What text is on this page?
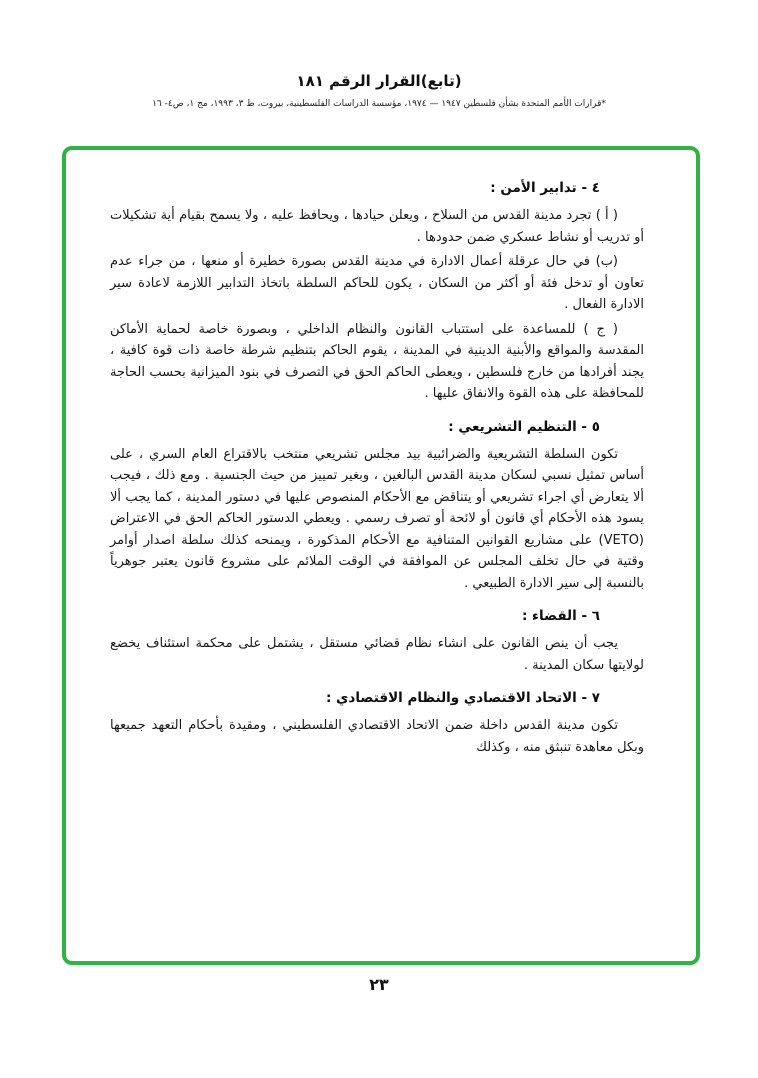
(تابع)القرار الرقم ١٨١

*قرارات الأمم المتحدة بشأن فلسطين ١٩٤٧ — ١٩٧٤، مؤسسة الدراسات الفلسطينية، بيروت، ط ٣، ١٩٩٣، مج ١، ص٤- ١٦

٤ - تدابير الأمن :

( أ ) تجرد مدينة القدس من السلاح ، ويعلن حيادها ، ويحافظ عليه ، ولا يسمح بقيام أية تشكيلات أو تدريب أو نشاط عسكري ضمن حدودها .

(ب) في حال عرقلة أعمال الادارة في مدينة القدس بصورة خطيرة أو منعها ، من جراء عدم تعاون أو تدخل فئة أو أكثر من السكان ، يكون للحاكم السلطة باتخاذ التدابير اللازمة لاعادة سير الادارة الفعال .

( ج ) للمساعدة على استتباب القانون والنظام الداخلي ، وبصورة خاصة لحماية الأماكن المقدسة والمواقع والأبنية الدينية في المدينة ، يقوم الحاكم بتنظيم شرطة خاصة ذات قوة كافية ، يجند أفرادها من خارج فلسطين ، ويعطى الحاكم الحق في التصرف في بنود الميزانية بحسب الحاجة للمحافظة على هذه القوة والانفاق عليها .

٥ - التنظيم التشريعي :

تكون السلطة التشريعية والضرائبية بيد مجلس تشريعي منتخب بالاقتراع العام السري ، على أساس تمثيل نسبي لسكان مدينة القدس البالغين ، وبغير تمييز من حيث الجنسية . ومع ذلك ، فيجب ألا يتعارض أي اجراء تشريعي أو يتناقض مع الأحكام المنصوص عليها في دستور المدينة ، كما يجب ألا يسود هذه الأحكام أي قانون أو لائحة أو تصرف رسمي . ويعطي الدستور الحاكم الحق في الاعتراض (VETO) على مشاريع القوانين المتنافية مع الأحكام المذكورة ، ويمنحه كذلك سلطة اصدار أوامر وقتية في حال تخلف المجلس عن الموافقة في الوقت الملائم على مشروع قانون يعتبر جوهرياً بالنسبة إلى سير الادارة الطبيعي .

٦ - القضاء :

يجب أن ينص القانون على انشاء نظام قضائي مستقل ، يشتمل على محكمة استئناف يخضع لولايتها سكان المدينة .

٧ - الاتحاد الاقتصادي والنظام الاقتصادي :

تكون مدينة القدس داخلة ضمن الاتحاد الاقتصادي الفلسطيني ، ومقيدة بأحكام التعهد جميعها وبكل معاهدة تنبثق منه ، وكذلك

٢٣
